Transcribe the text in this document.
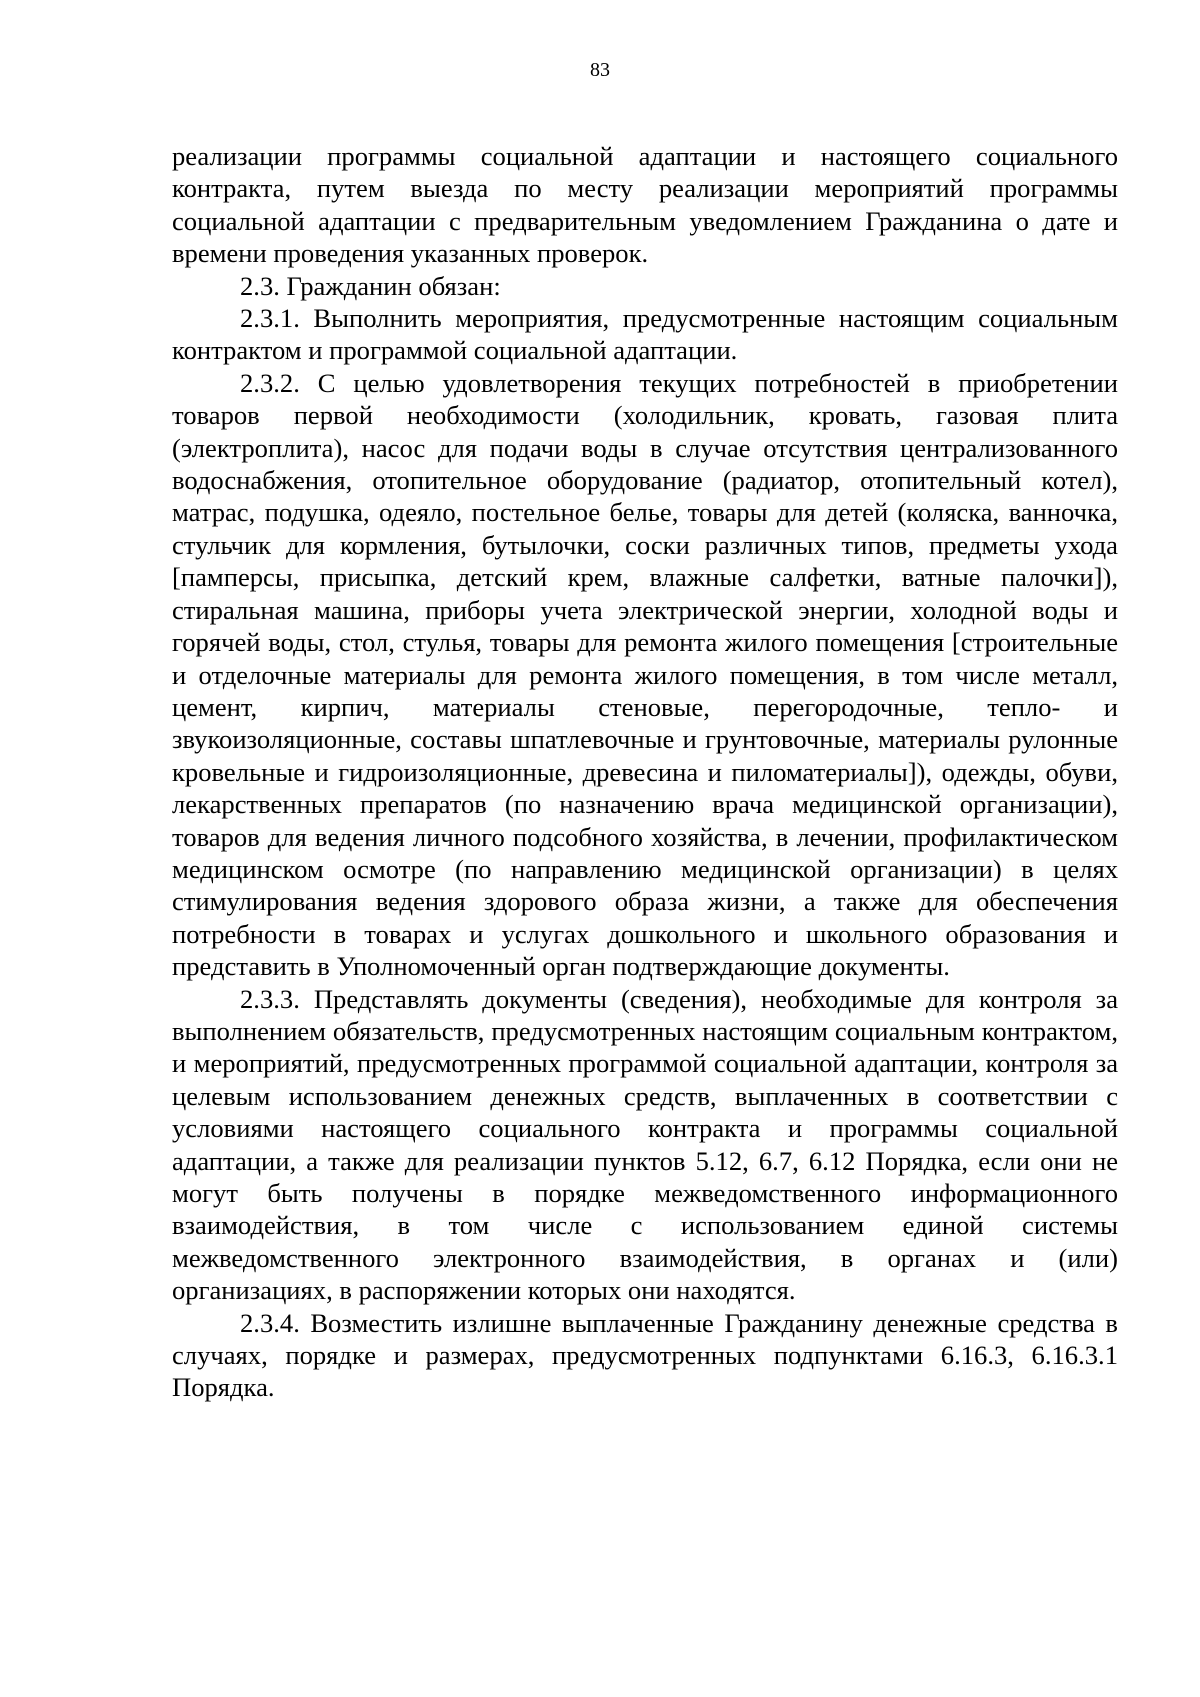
83

реализации программы социальной адаптации и настоящего социального контракта, путем выезда по месту реализации мероприятий программы социальной адаптации с предварительным уведомлением Гражданина о дате и времени проведения указанных проверок.

2.3. Гражданин обязан:

2.3.1. Выполнить мероприятия, предусмотренные настоящим социальным контрактом и программой социальной адаптации.

2.3.2. С целью удовлетворения текущих потребностей в приобретении товаров первой необходимости (холодильник, кровать, газовая плита (электроплита), насос для подачи воды в случае отсутствия централизованного водоснабжения, отопительное оборудование (радиатор, отопительный котел), матрас, подушка, одеяло, постельное белье, товары для детей (коляска, ванночка, стульчик для кормления, бутылочки, соски различных типов, предметы ухода [памперсы, присыпка, детский крем, влажные салфетки, ватные палочки]), стиральная машина, приборы учета электрической энергии, холодной воды и горячей воды, стол, стулья, товары для ремонта жилого помещения [строительные и отделочные материалы для ремонта жилого помещения, в том числе металл, цемент, кирпич, материалы стеновые, перегородочные, тепло- и звукоизоляционные, составы шпатлевочные и грунтовочные, материалы рулонные кровельные и гидроизоляционные, древесина и пиломатериалы]), одежды, обуви, лекарственных препаратов (по назначению врача медицинской организации), товаров для ведения личного подсобного хозяйства, в лечении, профилактическом медицинском осмотре (по направлению медицинской организации) в целях стимулирования ведения здорового образа жизни, а также для обеспечения потребности в товарах и услугах дошкольного и школьного образования и представить в Уполномоченный орган подтверждающие документы.

2.3.3. Представлять документы (сведения), необходимые для контроля за выполнением обязательств, предусмотренных настоящим социальным контрактом, и мероприятий, предусмотренных программой социальной адаптации, контроля за целевым использованием денежных средств, выплаченных в соответствии с условиями настоящего социального контракта и программы социальной адаптации, а также для реализации пунктов 5.12, 6.7, 6.12 Порядка, если они не могут быть получены в порядке межведомственного информационного взаимодействия, в том числе с использованием единой системы межведомственного электронного взаимодействия, в органах и (или) организациях, в распоряжении которых они находятся.

2.3.4. Возместить излишне выплаченные Гражданину денежные средства в случаях, порядке и размерах, предусмотренных подпунктами 6.16.3, 6.16.3.1 Порядка.
